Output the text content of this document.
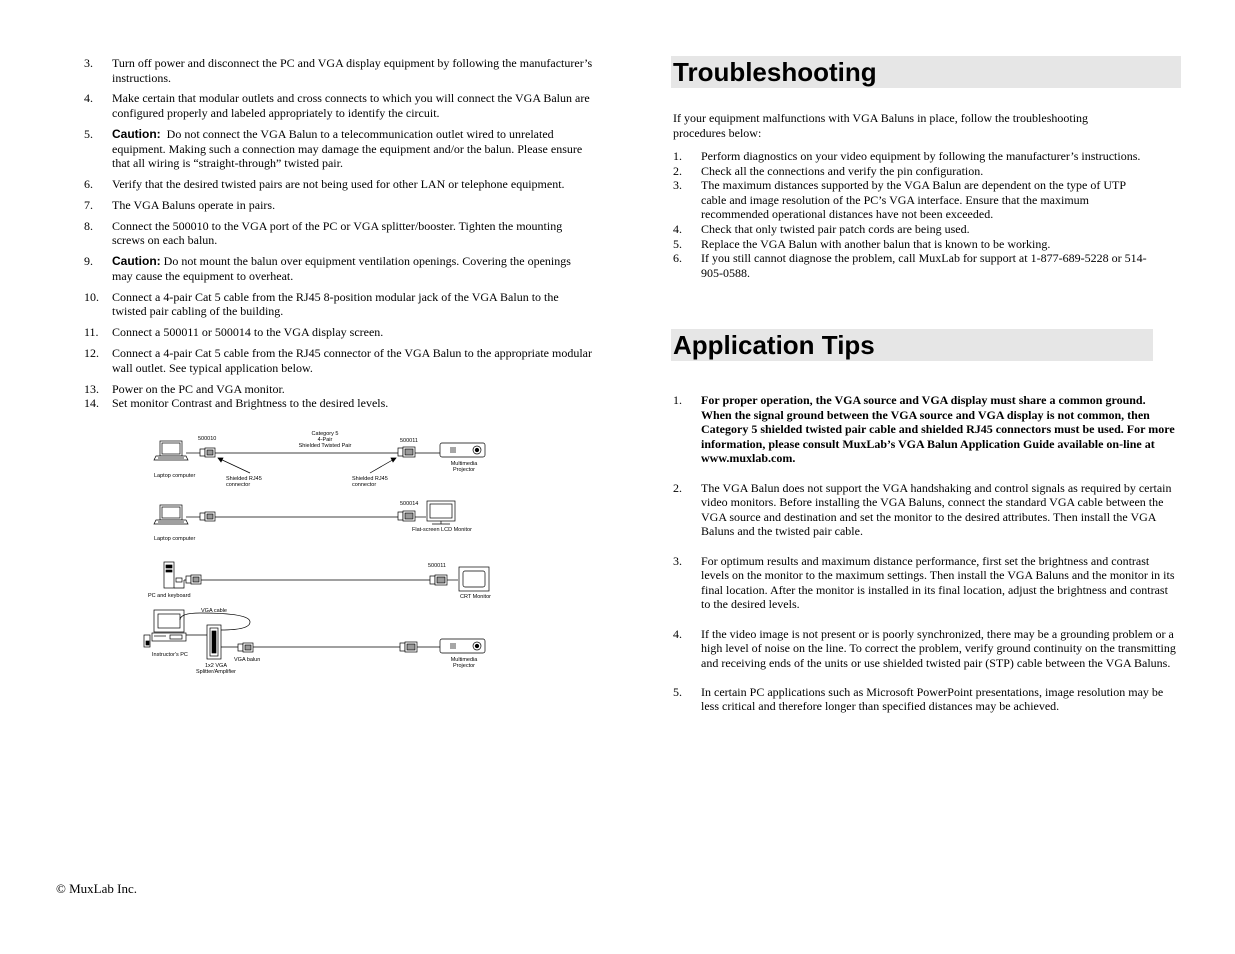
3. Turn off power and disconnect the PC and VGA display equipment by following the manufacturer’s instructions.
4. Make certain that modular outlets and cross connects to which you will connect the VGA Balun are configured properly and labeled appropriately to identify the circuit.
5. Caution: Do not connect the VGA Balun to a telecommunication outlet wired to unrelated equipment. Making such a connection may damage the equipment and/or the balun. Please ensure that all wiring is “straight-through” twisted pair.
6. Verify that the desired twisted pairs are not being used for other LAN or telephone equipment.
7. The VGA Baluns operate in pairs.
8. Connect the 500010 to the VGA port of the PC or VGA splitter/booster. Tighten the mounting screws on each balun.
9. Caution: Do not mount the balun over equipment ventilation openings. Covering the openings may cause the equipment to overheat.
10. Connect a 4-pair Cat 5 cable from the RJ45 8-position modular jack of the VGA Balun to the twisted pair cabling of the building.
11. Connect a 500011 or 500014 to the VGA display screen.
12. Connect a 4-pair Cat 5 cable from the RJ45 connector of the VGA Balun to the appropriate modular wall outlet. See typical application below.
13. Power on the PC and VGA monitor.
14. Set monitor Contrast and Brightness to the desired levels.
500010
Category 5
4-Pair
Shielded Twisted Pair
500011
Multimedia
Projector
Laptop computer	Shielded RJ45
connector
Shielded RJ45
connector
500014
Flat-screen LCD Monitor
Laptop computer
500011
PC and keyboard	CRT Monitor
VGA cable
Instructor's PC
VGA balun
1x2 VGA
Splitter/Amplifier
Multimedia
Projector
© MuxLab Inc.
Troubleshooting
If your equipment malfunctions with VGA Baluns in place, follow the troubleshooting procedures below:
1. Perform diagnostics on your video equipment by following the manufacturer’s instructions.
2. Check all the connections and verify the pin configuration.
3. The maximum distances supported by the VGA Balun are dependent on the type of UTP cable and image resolution of the PC’s VGA interface. Ensure that the maximum recommended operational distances have not been exceeded.
4. Check that only twisted pair patch cords are being used.
5. Replace the VGA Balun with another balun that is known to be working.
6. If you still cannot diagnose the problem, call MuxLab for support at 1-877-689-5228 or 514-905-0588.
Application Tips
1. For proper operation, the VGA source and VGA display must share a common ground. When the signal ground between the VGA source and VGA display is not common, then Category 5 shielded twisted pair cable and shielded RJ45 connectors must be used. For more information, please consult MuxLab’s VGA Balun Application Guide available on-line at www.muxlab.com.
2. The VGA Balun does not support the VGA handshaking and control signals as required by certain video monitors. Before installing the VGA Baluns, connect the standard VGA cable between the VGA source and destination and set the monitor to the desired attributes. Then install the VGA Baluns and the twisted pair cable.
3. For optimum results and maximum distance performance, first set the brightness and contrast levels on the monitor to the maximum settings. Then install the VGA Baluns and the monitor in its final location. After the monitor is installed in its final location, adjust the brightness and contrast to the desired levels.
4. If the video image is not present or is poorly synchronized, there may be a grounding problem or a high level of noise on the line. To correct the problem, verify ground continuity on the transmitting and receiving ends of the units or use shielded twisted pair (STP) cable between the VGA Baluns.
5. In certain PC applications such as Microsoft PowerPoint presentations, image resolution may be less critical and therefore longer than specified distances may be achieved.
